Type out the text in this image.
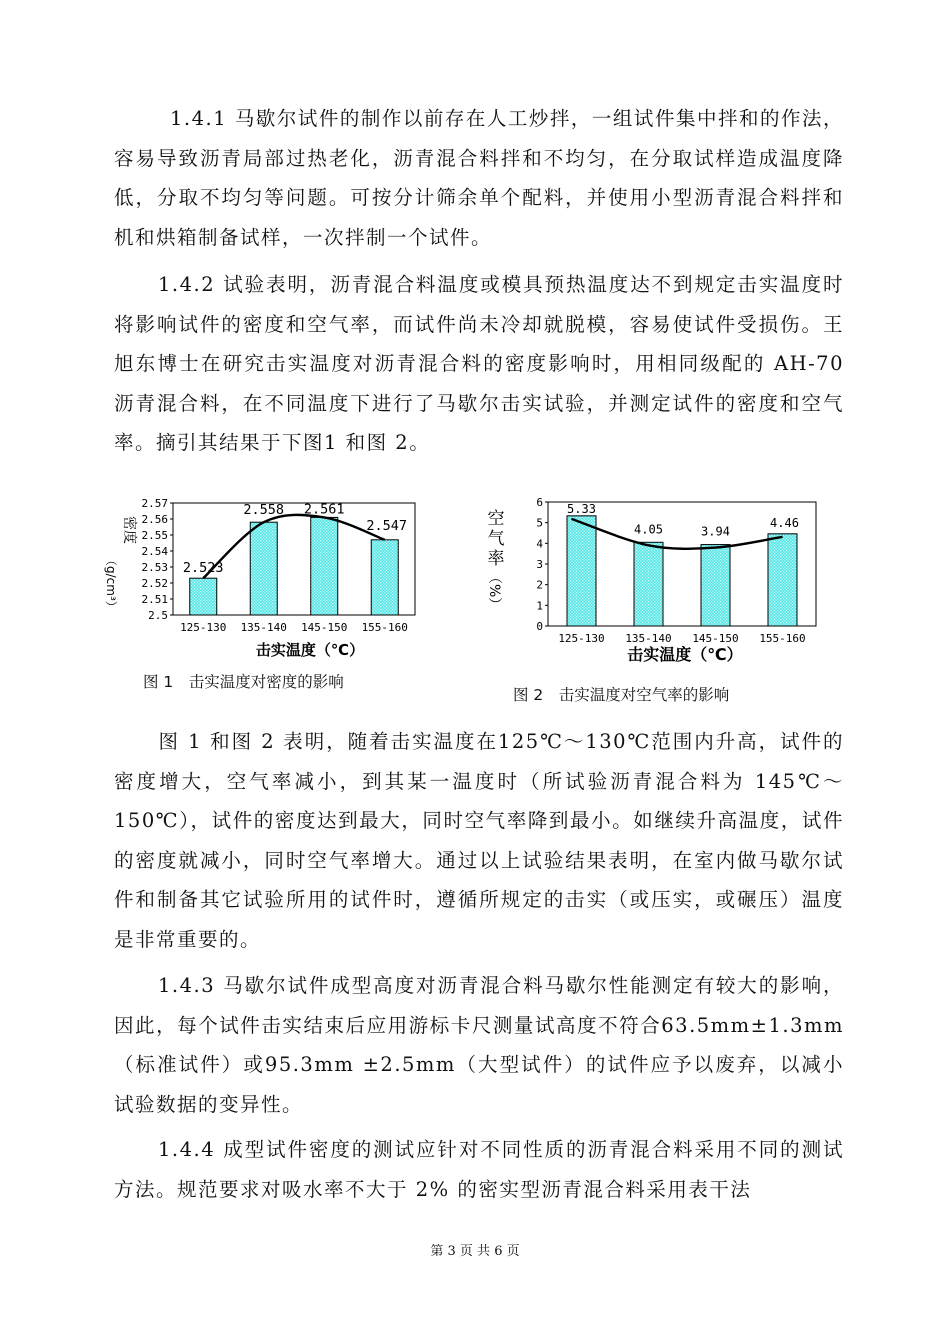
1.4.1 马歇尔试件的制作以前存在人工炒拌，一组试件集中拌和的作法，容易导致沥青局部过热老化，沥青混合料拌和不均匀，在分取试样造成温度降低，分取不均匀等问题。可按分计筛余单个配料，并使用小型沥青混合料拌和机和烘箱制备试样，一次拌制一个试件。

1.4.2 试验表明，沥青混合料温度或模具预热温度达不到规定击实温度时将影响试件的密度和空气率，而试件尚未冷却就脱模，容易使试件受损伤。王旭东博士在研究击实温度对沥青混合料的密度影响时，用相同级配的 AH-70 沥青混合料，在不同温度下进行了马歇尔击实试验，并测定试件的密度和空气率。摘引其结果于下图1 和图 2。

密度
（g/cm³）
2.5
2.51
2.52
2.53
2.54
2.55
2.56
2.57
2.523
2.558 2.561
2.547
125-130 135-140 145-150 155-160
击实温度（℃）
图 1　击实温度对密度的影响
空
气
率
（%）
0
1
2
3
4
5
6 5.33
4.05	3.94
4.46
125-130 135-140 145-150 155-160
击实温度（℃）
图 2　击实温度对空气率的影响

图 1 和图 2 表明，随着击实温度在125℃～130℃范围内升高，试件的密度增大，空气率减小，到其某一温度时（所试验沥青混合料为 145℃～150℃），试件的密度达到最大，同时空气率降到最小。如继续升高温度，试件的密度就减小，同时空气率增大。通过以上试验结果表明，在室内做马歇尔试件和制备其它试验所用的试件时，遵循所规定的击实（或压实，或碾压）温度是非常重要的。

1.4.3 马歇尔试件成型高度对沥青混合料马歇尔性能测定有较大的影响，因此，每个试件击实结束后应用游标卡尺测量试高度不符合63.5mm±1.3mm（标准试件）或95.3mm ±2.5mm（大型试件）的试件应予以废弃，以减小试验数据的变异性。

1.4.4 成型试件密度的测试应针对不同性质的沥青混合料采用不同的测试方法。规范要求对吸水率不大于 2% 的密实型沥青混合料采用表干法

第 3 页 共 6 页
